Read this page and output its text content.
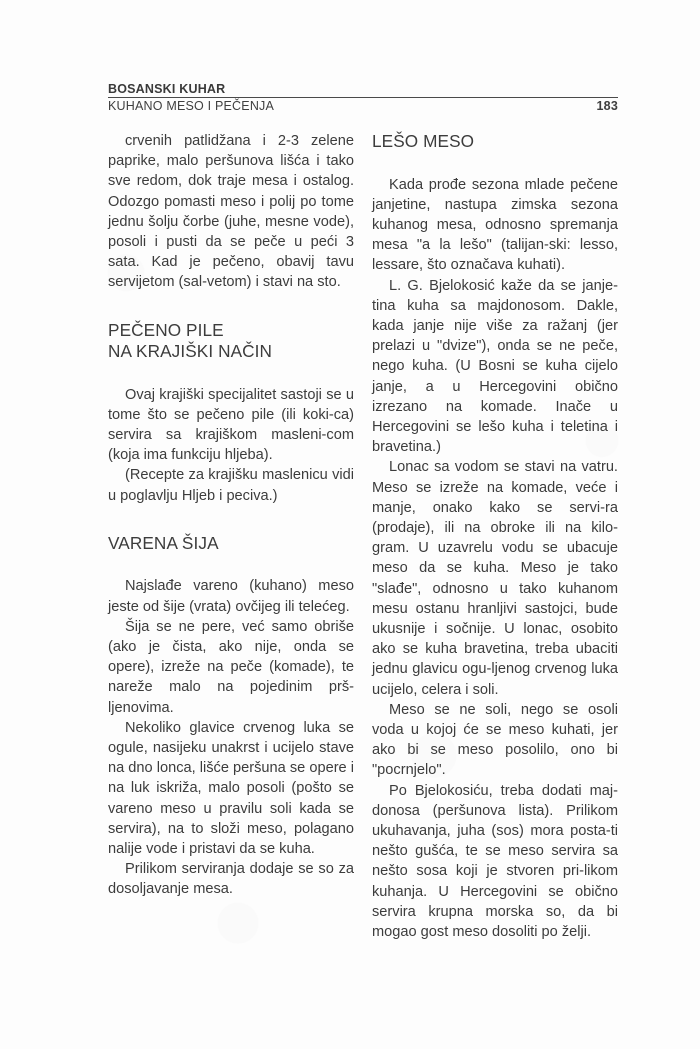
BOSANSKI KUHAR
KUHANO MESO I PEČENJA	183

crvenih patlidžana i 2-3 zelene paprike, malo peršunova lišća i tako sve redom, dok traje mesa i ostalog. Odozgo pomasti meso i polij po tome jednu šolju čorbe (juhe, mesne vode), posoli i pusti da se peče u peći 3 sata. Kad je pečeno, obavij tavu servijetom (sal-vetom) i stavi na sto.

PEČENO PILE
NA KRAJIŠKI NAČIN

Ovaj krajiški specijalitet sastoji se u tome što se pečeno pile (ili koki-ca) servira sa krajiškom masleni-com (koja ima funkciju hljeba).

(Recepte za krajišku maslenicu vidi u poglavlju Hljeb i peciva.)

VARENA ŠIJA

Najslađe vareno (kuhano) meso jeste od šije (vrata) ovčijeg ili telećeg.

Šija se ne pere, već samo obriše (ako je čista, ako nije, onda se opere), izreže na peče (komade), te nareže malo na pojedinim prš-ljenovima.

Nekoliko glavice crvenog luka se ogule, nasijeku unakrst i ucijelo stave na dno lonca, lišće peršuna se opere i na luk iskriža, malo posoli (pošto se vareno meso u pravilu soli kada se servira), na to složi meso, polagano nalije vode i pristavi da se kuha.

Prilikom serviranja dodaje se so za dosoljavanje mesa.

LEŠO MESO

Kada prođe sezona mlade pečene janjetine, nastupa zimska sezona kuhanog mesa, odnosno spremanja mesa "a la lešo" (talijan-ski: lesso, lessare, što označava kuhati).

L. G. Bjelokosić kaže da se janje-tina kuha sa majdonosom. Dakle, kada janje nije više za ražanj (jer prelazi u "dvize"), onda se ne peče, nego kuha. (U Bosni se kuha cijelo janje, a u Hercegovini obično izrezano na komade. Inače u Hercegovini se lešo kuha i teletina i bravetina.)

Lonac sa vodom se stavi na vatru. Meso se izreže na komade, veće i manje, onako kako se servi-ra (prodaje), ili na obroke ili na kilo-gram. U uzavrelu vodu se ubacuje meso da se kuha. Meso je tako "slađe", odnosno u tako kuhanom mesu ostanu hranljivi sastojci, bude ukusnije i sočnije. U lonac, osobito ako se kuha bravetina, treba ubaciti jednu glavicu ogu-ljenog crvenog luka ucijelo, celera i soli.

Meso se ne soli, nego se osoli voda u kojoj će se meso kuhati, jer ako bi se meso posolilo, ono bi "pocrnjelo".

Po Bjelokosiću, treba dodati maj-donosa (peršunova lista). Prilikom ukuhavanja, juha (sos) mora posta-ti nešto gušća, te se meso servira sa nešto sosa koji je stvoren pri-likom kuhanja. U Hercegovini se obično servira krupna morska so, da bi mogao gost meso dosoliti po želji.
